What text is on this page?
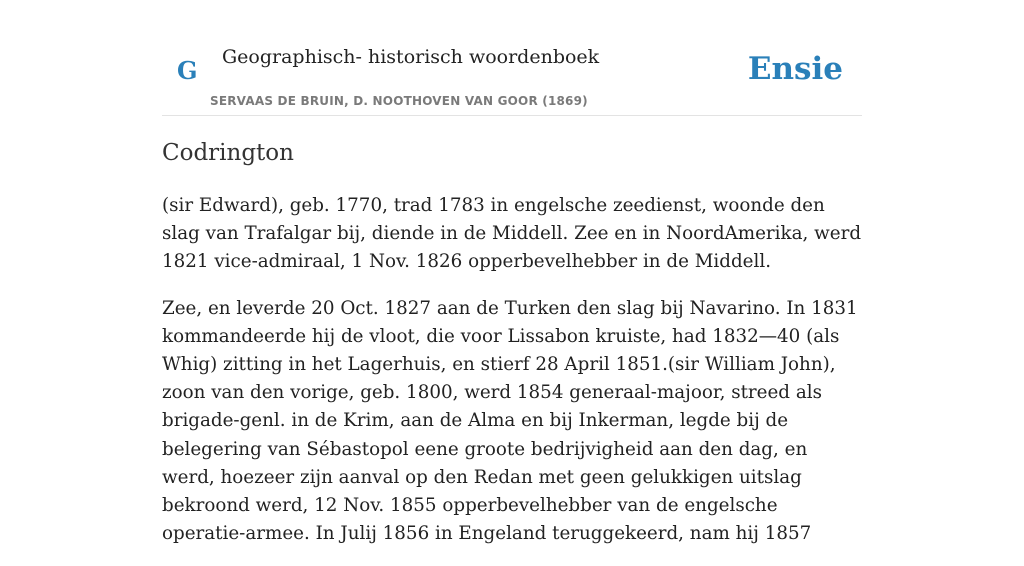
G Geographisch- historisch woordenboek
SERVAAS DE BRUIN, D. NOOTHOVEN VAN GOOR (1869)
Ensie
Codrington

(sir Edward), geb. 1770, trad 1783 in engelsche zeedienst, woonde den slag van Trafalgar bij, diende in de Middell. Zee en in NoordAmerika, werd 1821 vice-admiraal, 1 Nov. 1826 opperbevelhebber in de Middell.

Zee, en leverde 20 Oct. 1827 aan de Turken den slag bij Navarino. In 1831 kommandeerde hij de vloot, die voor Lissabon kruiste, had 1832—40 (als Whig) zitting in het Lagerhuis, en stierf 28 April 1851.(sir William John), zoon van den vorige, geb. 1800, werd 1854 generaal-majoor, streed als brigade-genl. in de Krim, aan de Alma en bij Inkerman, legde bij de belegering van Sébastopol eene groote bedrijvigheid aan den dag, en werd, hoezeer zijn aanval op den Redan met geen gelukkigen uitslag bekroond werd, 12 Nov. 1855 opperbevelhebber van de engelsche operatie-armee. In Julij 1856 in Engeland teruggekeerd, nam hij 1857
